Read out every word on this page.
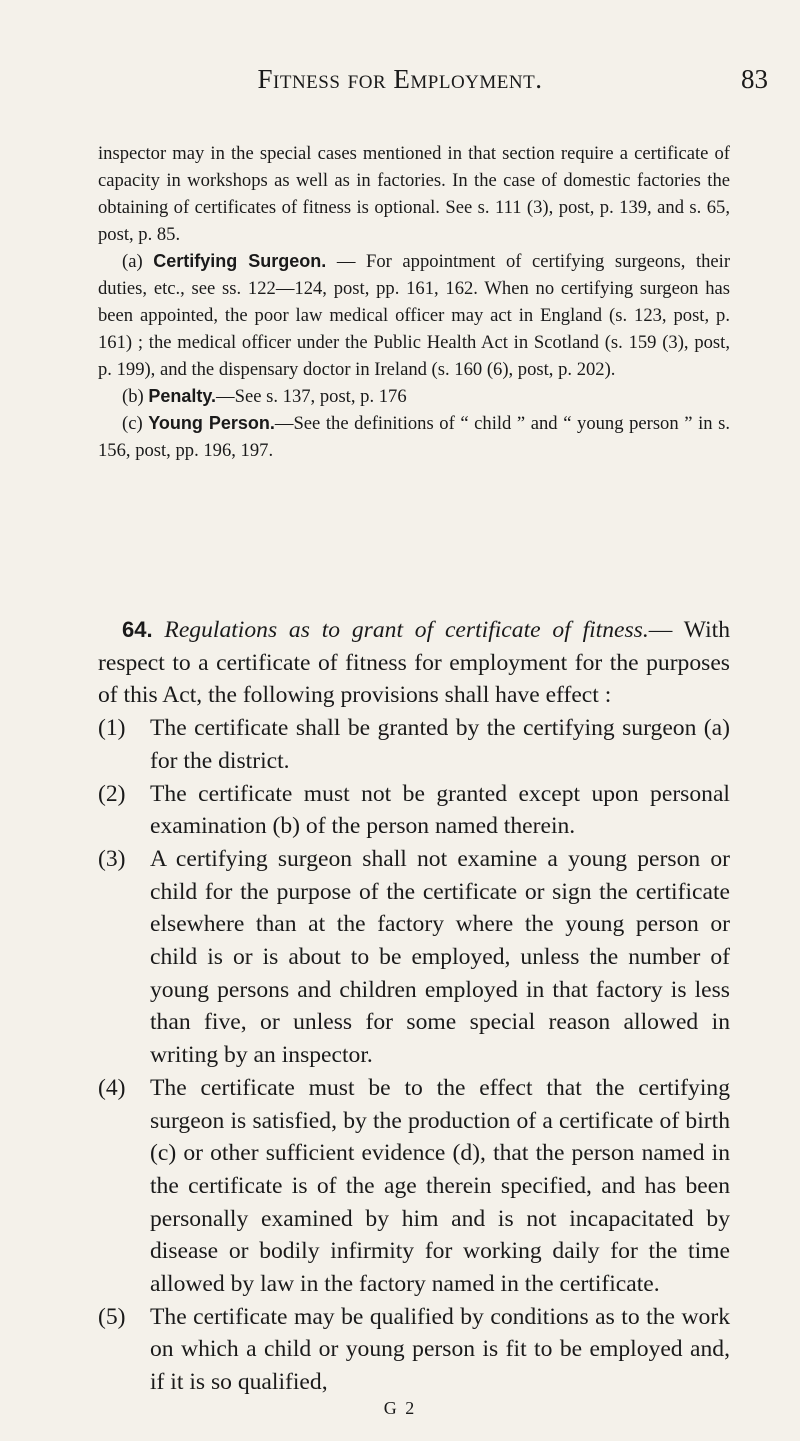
Fitness for Employment.	83

inspector may in the special cases mentioned in that section require a certificate of capacity in workshops as well as in factories. In the case of domestic factories the obtaining of certificates of fitness is optional. See s. 111 (3), post, p. 139, and s. 65, post, p. 85.

(a) Certifying Surgeon. — For appointment of certifying surgeons, their duties, etc., see ss. 122—124, post, pp. 161, 162. When no certifying surgeon has been appointed, the poor law medical officer may act in England (s. 123, post, p. 161) ; the medical officer under the Public Health Act in Scotland (s. 159 (3), post, p. 199), and the dispensary doctor in Ireland (s. 160 (6), post, p. 202).

(b) Penalty.—See s. 137, post, p. 176

(c) Young Person.—See the definitions of “ child ” and “ young person ” in s. 156, post, pp. 196, 197.

64. Regulations as to grant of certificate of fitness.— With respect to a certificate of fitness for employment for the purposes of this Act, the following provisions shall have effect :

(1) The certificate shall be granted by the certifying surgeon (a) for the district.
(2) The certificate must not be granted except upon personal examination (b) of the person named therein.
(3) A certifying surgeon shall not examine a young person or child for the purpose of the certificate or sign the certificate elsewhere than at the factory where the young person or child is or is about to be employed, unless the number of young persons and children employed in that factory is less than five, or unless for some special reason allowed in writing by an inspector.
(4) The certificate must be to the effect that the certifying surgeon is satisfied, by the production of a certificate of birth (c) or other sufficient evidence (d), that the person named in the certificate is of the age therein specified, and has been personally examined by him and is not incapacitated by disease or bodily infirmity for working daily for the time allowed by law in the factory named in the certificate.
(5) The certificate may be qualified by conditions as to the work on which a child or young person is fit to be employed and, if it is so qualified,
G 2
